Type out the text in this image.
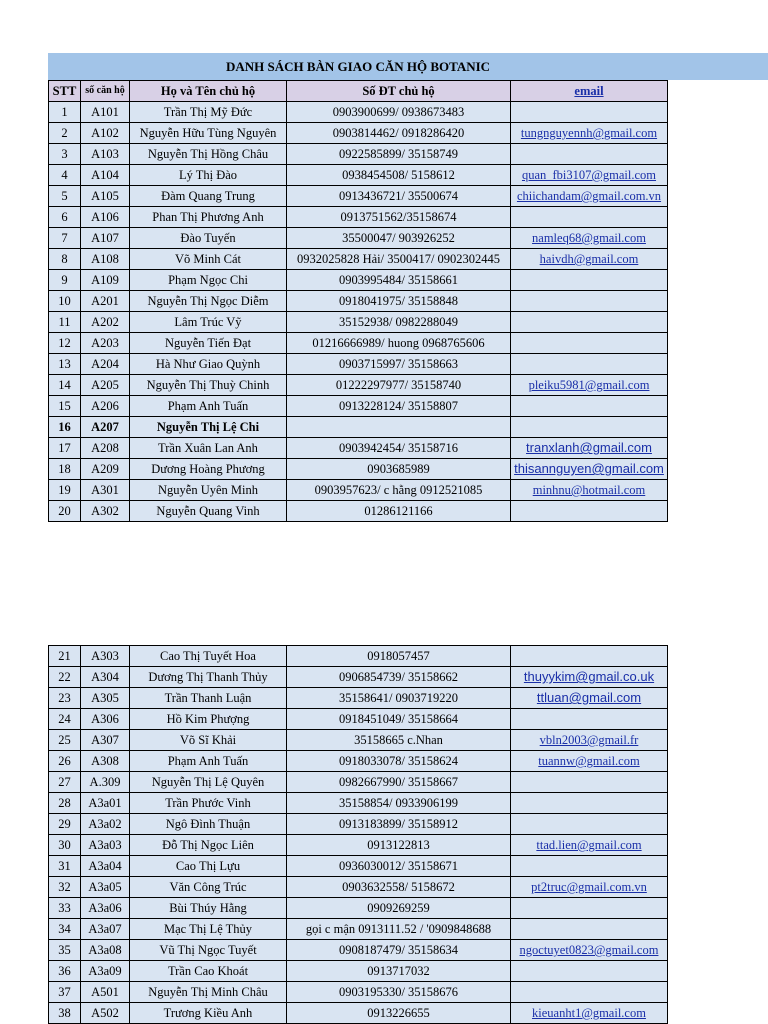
DANH SÁCH BÀN GIAO CĂN HỘ BOTANIC
STT	số căn hộ	Họ và Tên chủ hộ	Số ĐT chủ hộ	email
1	A101	Trần Thị Mỹ Đức	0903900699/ 0938673483	
2	A102	Nguyễn Hữu Tùng Nguyên	0903814462/ 0918286420	tungnguyennh@gmail.com
3	A103	Nguyễn Thị Hồng Châu	0922585899/ 35158749	
4	A104	Lý Thị Đào	0938454508/ 5158612	quan_fbi3107@gmail.com
5	A105	Đàm Quang Trung	0913436721/ 35500674	chiichandam@gmail.com.vn
6	A106	Phan Thị Phương Anh	0913751562/35158674	
7	A107	Đào Tuyến	35500047/ 903926252	namleq68@gmail.com
8	A108	Võ Minh Cát	0932025828 Hải/ 3500417/ 0902302445	haivdh@gmail.com
9	A109	Phạm Ngọc Chi	0903995484/ 35158661	
10	A201	Nguyễn Thị Ngọc Diễm	0918041975/ 35158848	
11	A202	Lâm Trúc Vỹ	35152938/ 0982288049	
12	A203	Nguyễn Tiến Đạt	01216666989/ huong 0968765606	
13	A204	Hà Như Giao Quỳnh	0903715997/ 35158663	
14	A205	Nguyễn Thị Thuỳ Chinh	01222297977/ 35158740	pleiku5981@gmail.com
15	A206	Phạm Anh Tuấn	0913228124/ 35158807	
16	A207	Nguyễn Thị Lệ Chi		
17	A208	Trần Xuân Lan Anh	0903942454/ 35158716	tranxlanh@gmail.com
18	A209	Dương Hoàng Phương	0903685989	thisannguyen@gmail.com
19	A301	Nguyễn Uyên Minh	0903957623/ c hằng 0912521085	minhnu@hotmail.com
20	A302	Nguyễn Quang Vinh	01286121166	
21	A303	Cao Thị Tuyết Hoa	0918057457	
22	A304	Dương Thị Thanh Thủy	0906854739/ 35158662	thuyykim@gmail.co.uk
23	A305	Trần Thanh Luận	35158641/ 0903719220	ttluan@gmail.com
24	A306	Hồ Kim Phượng	0918451049/ 35158664	
25	A307	Võ Sĩ Khải	35158665 c.Nhan	vbln2003@gmail.fr
26	A308	Phạm Anh Tuấn	0918033078/ 35158624	tuannw@gmail.com
27	A.309	Nguyễn Thị Lệ Quyên	0982667990/ 35158667	
28	A3a01	Trần Phước Vinh	35158854/ 0933906199	
29	A3a02	Ngô Đình Thuận	0913183899/ 35158912	
30	A3a03	Đỗ Thị Ngọc Liên	0913122813	ttad.lien@gmail.com
31	A3a04	Cao Thị Lựu	0936030012/ 35158671	
32	A3a05	Văn Công Trúc	0903632558/ 5158672	pt2truc@gmail.com.vn
33	A3a06	Bùi Thúy Hằng	0909269259	
34	A3a07	Mạc Thị Lệ Thủy	gọi c mận 0913111.52 / '0909848688	
35	A3a08	Vũ Thị Ngọc Tuyết	0908187479/ 35158634	ngoctuyet0823@gmail.com
36	A3a09	Trần Cao Khoát	0913717032	
37	A501	Nguyễn Thị Minh Châu	0903195330/ 35158676	
38	A502	Trương Kiều Anh	0913226655	kieuanht1@gmail.com
